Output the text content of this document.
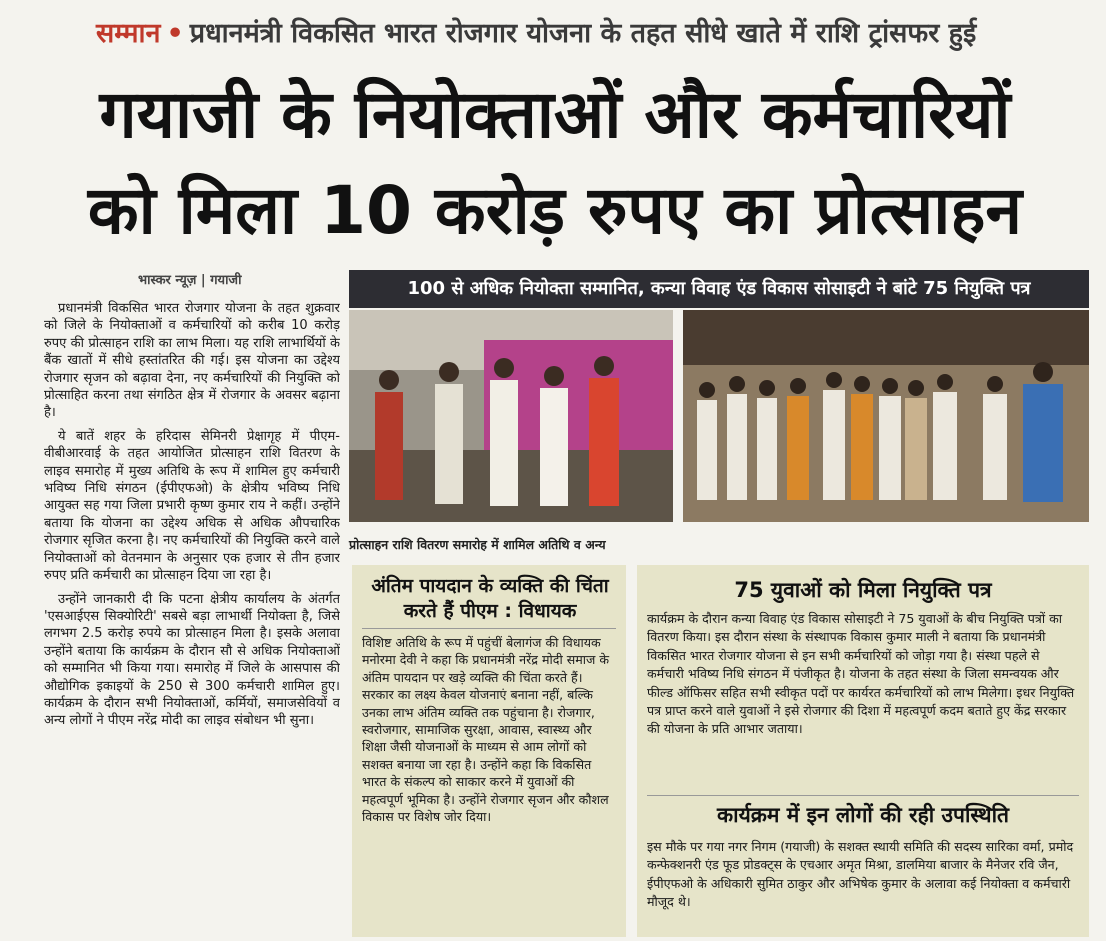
सम्मान • प्रधानमंत्री विकसित भारत रोजगार योजना के तहत सीधे खाते में राशि ट्रांसफर हुई
गयाजी के नियोक्ताओं और कर्मचारियों
को मिला 10 करोड़ रुपए का प्रोत्साहन
भास्कर न्यूज़ | गयाजी

प्रधानमंत्री विकसित भारत रोजगार योजना के तहत शुक्रवार को जिले के नियोक्ताओं व कर्मचारियों को करीब 10 करोड़ रुपए की प्रोत्साहन राशि का लाभ मिला। यह राशि लाभार्थियों के बैंक खातों में सीधे हस्तांतरित की गई। इस योजना का उद्देश्य रोजगार सृजन को बढ़ावा देना, नए कर्मचारियों की नियुक्ति को प्रोत्साहित करना तथा संगठित क्षेत्र में रोजगार के अवसर बढ़ाना है।

ये बातें शहर के हरिदास सेमिनरी प्रेक्षागृह में पीएम-वीबीआरवाई के तहत आयोजित प्रोत्साहन राशि वितरण के लाइव समारोह में मुख्य अतिथि के रूप में शामिल हुए कर्मचारी भविष्य निधि संगठन (ईपीएफओ) के क्षेत्रीय भविष्य निधि आयुक्त सह गया जिला प्रभारी कृष्ण कुमार राय ने कहीं। उन्होंने बताया कि योजना का उद्देश्य अधिक से अधिक औपचारिक रोजगार सृजित करना है। नए कर्मचारियों की नियुक्ति करने वाले नियोक्ताओं को वेतनमान के अनुसार एक हजार से तीन हजार रुपए प्रति कर्मचारी का प्रोत्साहन दिया जा रहा है।

उन्होंने जानकारी दी कि पटना क्षेत्रीय कार्यालय के अंतर्गत 'एसआईएस सिक्योरिटी' सबसे बड़ा लाभार्थी नियोक्ता है, जिसे लगभग 2.5 करोड़ रुपये का प्रोत्साहन मिला है। इसके अलावा उन्होंने बताया कि कार्यक्रम के दौरान सौ से अधिक नियोक्ताओं को सम्मानित भी किया गया। समारोह में जिले के आसपास की औद्योगिक इकाइयों के 250 से 300 कर्मचारी शामिल हुए। कार्यक्रम के दौरान सभी नियोक्ताओं, कर्मियों, समाजसेवियों व अन्य लोगों ने पीएम नरेंद्र मोदी का लाइव संबोधन भी सुना।

100 से अधिक नियोक्ता सम्मानित, कन्या विवाह एंड विकास सोसाइटी ने बांटे 75 नियुक्ति पत्र
प्रोत्साहन राशि वितरण समारोह में शामिल अतिथि व अन्य
अंतिम पायदान के व्यक्ति की चिंता करते हैं पीएम : विधायक
विशिष्ट अतिथि के रूप में पहुंचीं बेलागंज की विधायक मनोरमा देवी ने कहा कि प्रधानमंत्री नरेंद्र मोदी समाज के अंतिम पायदान पर खड़े व्यक्ति की चिंता करते हैं। सरकार का लक्ष्य केवल योजनाएं बनाना नहीं, बल्कि उनका लाभ अंतिम व्यक्ति तक पहुंचाना है। रोजगार, स्वरोजगार, सामाजिक सुरक्षा, आवास, स्वास्थ्य और शिक्षा जैसी योजनाओं के माध्यम से आम लोगों को सशक्त बनाया जा रहा है। उन्होंने कहा कि विकसित भारत के संकल्प को साकार करने में युवाओं की महत्वपूर्ण भूमिका है। उन्होंने रोजगार सृजन और कौशल विकास पर विशेष जोर दिया।
75 युवाओं को मिला नियुक्ति पत्र
कार्यक्रम के दौरान कन्या विवाह एंड विकास सोसाइटी ने 75 युवाओं के बीच नियुक्ति पत्रों का वितरण किया। इस दौरान संस्था के संस्थापक विकास कुमार माली ने बताया कि प्रधानमंत्री विकसित भारत रोजगार योजना से इन सभी कर्मचारियों को जोड़ा गया है। संस्था पहले से कर्मचारी भविष्य निधि संगठन में पंजीकृत है। योजना के तहत संस्था के जिला समन्वयक और फील्ड ऑफिसर सहित सभी स्वीकृत पदों पर कार्यरत कर्मचारियों को लाभ मिलेगा। इधर नियुक्ति पत्र प्राप्त करने वाले युवाओं ने इसे रोजगार की दिशा में महत्वपूर्ण कदम बताते हुए केंद्र सरकार की योजना के प्रति आभार जताया।
कार्यक्रम में इन लोगों की रही उपस्थिति
इस मौके पर गया नगर निगम (गयाजी) के सशक्त स्थायी समिति की सदस्य सारिका वर्मा, प्रमोद कन्फेक्शनरी एंड फूड प्रोडक्ट्स के एचआर अमृत मिश्रा, डालमिया बाजार के मैनेजर रवि जैन, ईपीएफओ के अधिकारी सुमित ठाकुर और अभिषेक कुमार के अलावा कई नियोक्ता व कर्मचारी मौजूद थे।
